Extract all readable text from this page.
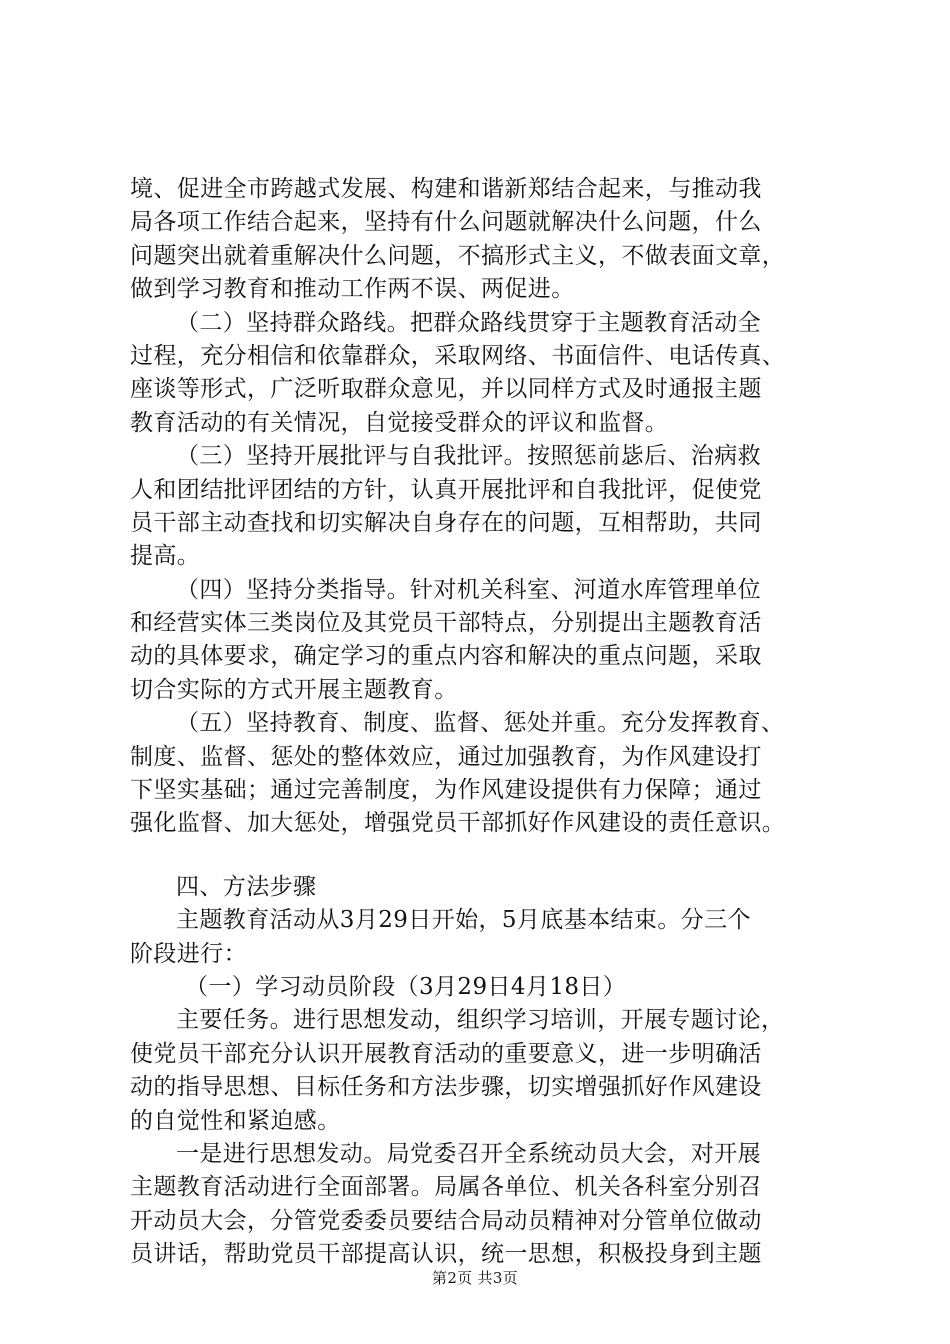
境、促进全市跨越式发展、构建和谐新郑结合起来，与推动我
局各项工作结合起来，坚持有什么问题就解决什么问题，什么
问题突出就着重解决什么问题，不搞形式主义，不做表面文章，
做到学习教育和推动工作两不误、两促进。
（二）坚持群众路线。把群众路线贯穿于主题教育活动全
过程，充分相信和依靠群众，采取网络、书面信件、电话传真、
座谈等形式，广泛听取群众意见，并以同样方式及时通报主题
教育活动的有关情况，自觉接受群众的评议和监督。
（三）坚持开展批评与自我批评。按照惩前毖后、治病救
人和团结批评团结的方针，认真开展批评和自我批评，促使党
员干部主动查找和切实解决自身存在的问题，互相帮助，共同
提高。
（四）坚持分类指导。针对机关科室、河道水库管理单位
和经营实体三类岗位及其党员干部特点，分别提出主题教育活
动的具体要求，确定学习的重点内容和解决的重点问题，采取
切合实际的方式开展主题教育。
（五）坚持教育、制度、监督、惩处并重。充分发挥教育、
制度、监督、惩处的整体效应，通过加强教育，为作风建设打
下坚实基础；通过完善制度，为作风建设提供有力保障；通过
强化监督、加大惩处，增强党员干部抓好作风建设的责任意识。
四、方法步骤
主题教育活动从3月29日开始，5月底基本结束。分三个
阶段进行：
（一）学习动员阶段（3月29日4月18日）
主要任务。进行思想发动，组织学习培训，开展专题讨论，
使党员干部充分认识开展教育活动的重要意义，进一步明确活
动的指导思想、目标任务和方法步骤，切实增强抓好作风建设
的自觉性和紧迫感。
一是进行思想发动。局党委召开全系统动员大会，对开展
主题教育活动进行全面部署。局属各单位、机关各科室分别召
开动员大会，分管党委委员要结合局动员精神对分管单位做动
员讲话，帮助党员干部提高认识，统一思想，积极投身到主题
第2页 共3页
